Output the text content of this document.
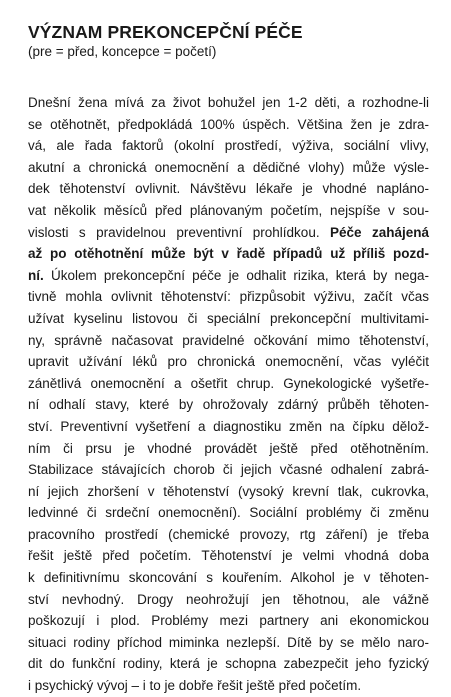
VÝZNAM PREKONCEPČNÍ PÉČE

(pre = před, koncepce = početí)

Dnešní žena mívá za život bohužel jen 1-2 děti, a rozhodne-li
se otěhotnět, předpokládá 100% úspěch. Většina žen je zdra-
vá, ale řada faktorů (okolní prostředí, výživa, sociální vlivy,
akutní a chronická onemocnění a dědičné vlohy) může výsle-
dek těhotenství ovlivnit. Návštěvu lékaře je vhodné napláno-
vat několik měsíců před plánovaným početím, nejspíše v sou-
vislosti s pravidelnou preventivní prohlídkou. Péče zahájená
až po otěhotnění může být v řadě případů už příliš pozd-
ní. Úkolem prekoncepční péče je odhalit rizika, která by nega-
tivně mohla ovlivnit těhotenství: přizpůsobit výživu, začít včas
užívat kyselinu listovou či speciální prekoncepční multivitami-
ny, správně načasovat pravidelné očkování mimo těhotenství,
upravit užívání léků pro chronická onemocnění, včas vyléčit
zánětlivá onemocnění a ošetřit chrup. Gynekologické vyšetře-
ní odhalí stavy, které by ohrožovaly zdárný průběh těhoten-
ství. Preventivní vyšetření a diagnostiku změn na čípku dělož-
ním či prsu je vhodné provádět ještě před otěhotněním.
Stabilizace stávajících chorob či jejich včasné odhalení zabrá-
ní jejich zhoršení v těhotenství (vysoký krevní tlak, cukrovka,
ledvinné či srdeční onemocnění). Sociální problémy či změnu
pracovního prostředí (chemické provozy, rtg záření) je třeba
řešit ještě před početím. Těhotenství je velmi vhodná doba
k definitivnímu skoncování s kouřením. Alkohol je v těhoten-
ství nevhodný. Drogy neohrožují jen těhotnou, ale vážně
poškozují i plod. Problémy mezi partnery ani ekonomickou
situaci rodiny příchod miminka nezlepší. Dítě by se mělo naro-
dit do funkční rodiny, která je schopna zabezpečit jeho fyzický
i psychický vývoj – i to je dobře řešit ještě před početím.
